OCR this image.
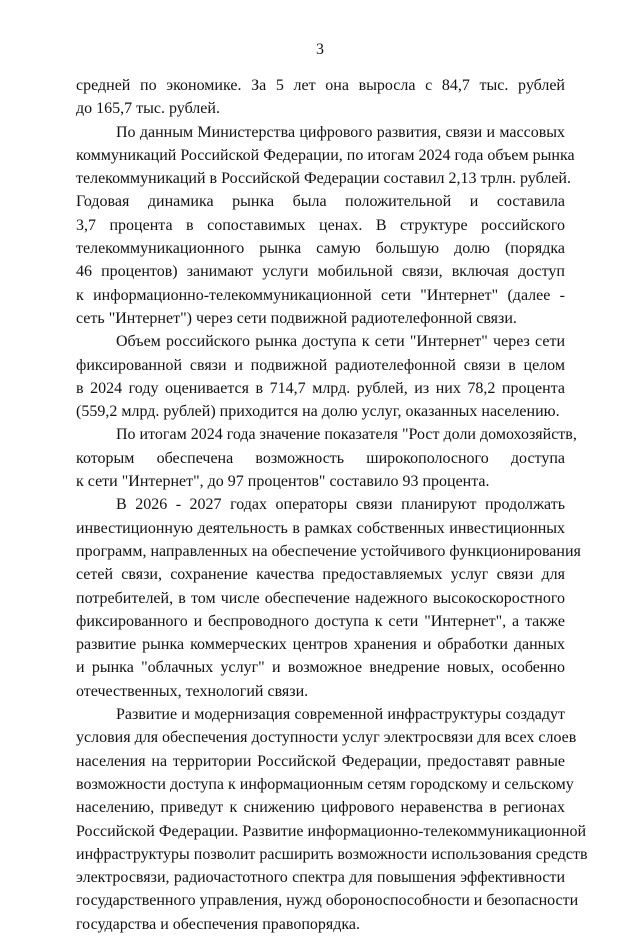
3
средней по экономике. За 5 лет она выросла с 84,7 тыс. рублей
до 165,7 тыс. рублей.
По данным Министерства цифрового развития, связи и массовых
коммуникаций Российской Федерации, по итогам 2024 года объем рынка
телекоммуникаций в Российской Федерации составил 2,13 трлн. рублей.
Годовая динамика рынка была положительной и составила
3,7 процента в сопоставимых ценах. В структуре российского
телекоммуникационного рынка самую большую долю (порядка
46 процентов) занимают услуги мобильной связи, включая доступ
к информационно-телекоммуникационной сети "Интернет" (далее -
сеть "Интернет") через сети подвижной радиотелефонной связи.
Объем российского рынка доступа к сети "Интернет" через сети
фиксированной связи и подвижной радиотелефонной связи в целом
в 2024 году оценивается в 714,7 млрд. рублей, из них 78,2 процента
(559,2 млрд. рублей) приходится на долю услуг, оказанных населению.
По итогам 2024 года значение показателя "Рост доли домохозяйств,
которым обеспечена возможность широкополосного доступа
к сети "Интернет", до 97 процентов" составило 93 процента.
В 2026 - 2027 годах операторы связи планируют продолжать
инвестиционную деятельность в рамках собственных инвестиционных
программ, направленных на обеспечение устойчивого функционирования
сетей связи, сохранение качества предоставляемых услуг связи для
потребителей, в том числе обеспечение надежного высокоскоростного
фиксированного и беспроводного доступа к сети "Интернет", а также
развитие рынка коммерческих центров хранения и обработки данных
и рынка "облачных услуг" и возможное внедрение новых, особенно
отечественных, технологий связи.
Развитие и модернизация современной инфраструктуры создадут
условия для обеспечения доступности услуг электросвязи для всех слоев
населения на территории Российской Федерации, предоставят равные
возможности доступа к информационным сетям городскому и сельскому
населению, приведут к снижению цифрового неравенства в регионах
Российской Федерации. Развитие информационно-телекоммуникационной
инфраструктуры позволит расширить возможности использования средств
электросвязи, радиочастотного спектра для повышения эффективности
государственного управления, нужд обороноспособности и безопасности
государства и обеспечения правопорядка.
